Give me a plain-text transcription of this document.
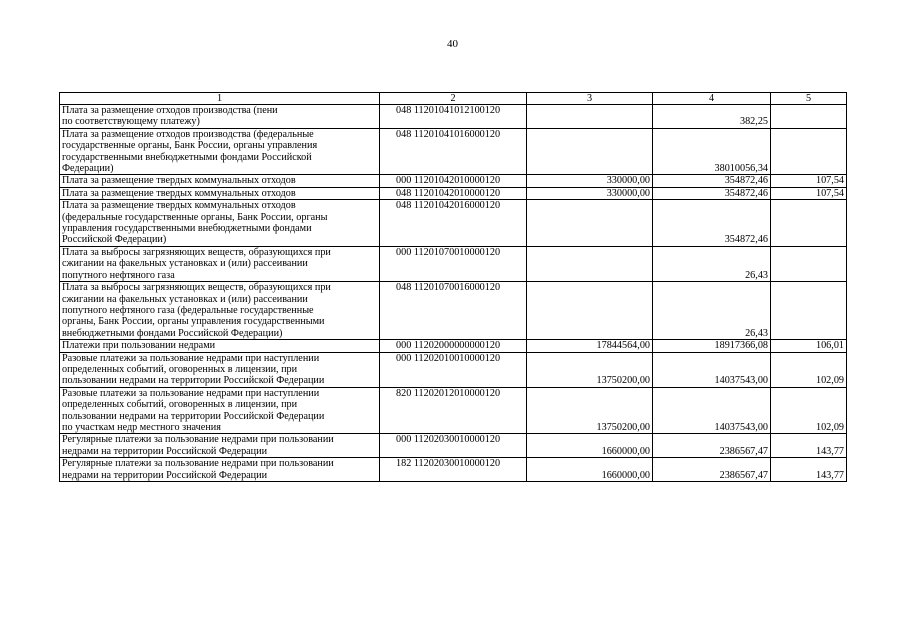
40
1	2	3	4	5
Плата за размещение отходов производства (пени
по соответствующему платежу)	048 11201041012100120		382,25	
Плата за размещение отходов производства (федеральные
государственные органы, Банк России, органы управления
государственными внебюджетными фондами Российской
Федерации)	048 11201041016000120		38010056,34	
Плата за размещение твердых коммунальных отходов	000 11201042010000120	330000,00	354872,46	107,54
Плата за размещение твердых коммунальных отходов	048 11201042010000120	330000,00	354872,46	107,54
Плата за размещение твердых коммунальных отходов
(федеральные государственные органы, Банк России, органы
управления государственными внебюджетными фондами
Российской Федерации)	048 11201042016000120		354872,46	
Плата за выбросы загрязняющих веществ, образующихся при
сжигании на факельных установках и (или) рассеивании
попутного нефтяного газа	000 11201070010000120		26,43	
Плата за выбросы загрязняющих веществ, образующихся при
сжигании на факельных установках и (или) рассеивании
попутного нефтяного газа (федеральные государственные
органы, Банк России, органы управления государственными
внебюджетными фондами Российской Федерации)	048 11201070016000120		26,43	
Платежи при пользовании недрами	000 11202000000000120	17844564,00	18917366,08	106,01
Разовые платежи за пользование недрами при наступлении
определенных событий, оговоренных в лицензии, при
пользовании недрами на территории Российской Федерации	000 11202010010000120	13750200,00	14037543,00	102,09
Разовые платежи за пользование недрами при наступлении
определенных событий, оговоренных в лицензии, при
пользовании недрами на территории Российской Федерации
по участкам недр местного значения	820 11202012010000120	13750200,00	14037543,00	102,09
Регулярные платежи за пользование недрами при пользовании
недрами на территории Российской Федерации	000 11202030010000120	1660000,00	2386567,47	143,77
Регулярные платежи за пользование недрами при пользовании
недрами на территории Российской Федерации	182 11202030010000120	1660000,00	2386567,47	143,77
